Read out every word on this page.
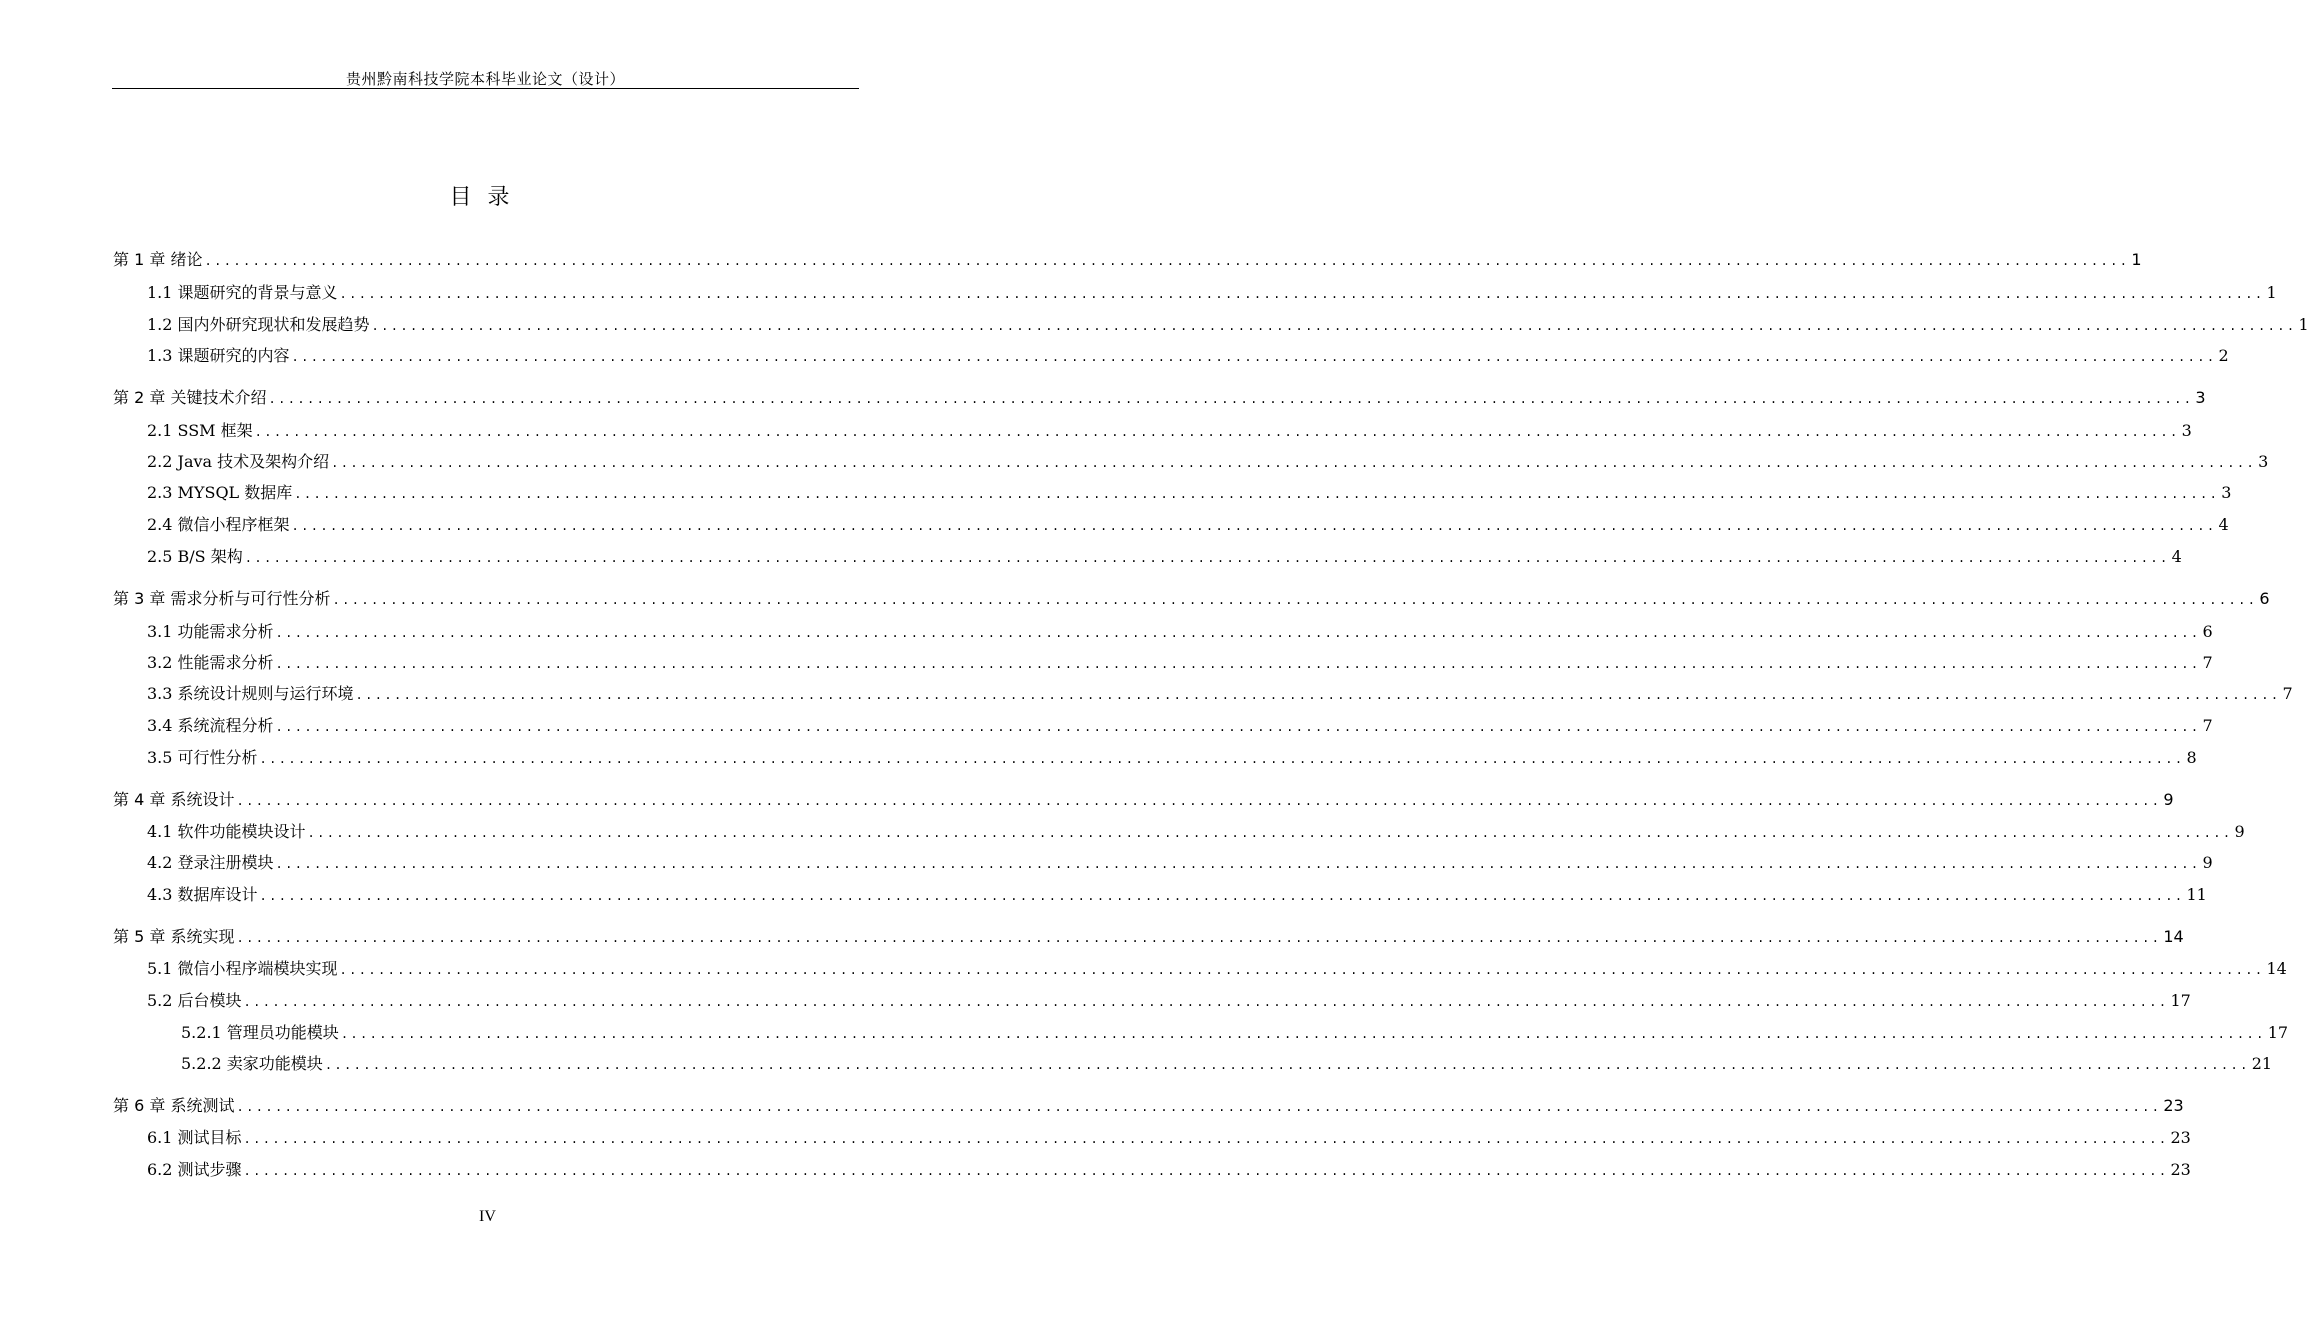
贵州黔南科技学院本科毕业论文（设计）
目录
第 1 章 绪论 ........................................................................................................................................................................................................ 1
1.1 课题研究的背景与意义 ........................................................................................................................................................................................................ 1
1.2 国内外研究现状和发展趋势 ........................................................................................................................................................................................................ 1
1.3 课题研究的内容 ........................................................................................................................................................................................................ 2
第 2 章 关键技术介绍 ........................................................................................................................................................................................................ 3
2.1 SSM 框架 ........................................................................................................................................................................................................ 3
2.2 Java 技术及架构介绍 ........................................................................................................................................................................................................ 3
2.3 MYSQL 数据库 ........................................................................................................................................................................................................ 3
2.4 微信小程序框架 ........................................................................................................................................................................................................ 4
2.5 B/S 架构 ........................................................................................................................................................................................................ 4
第 3 章 需求分析与可行性分析 ........................................................................................................................................................................................................ 6
3.1 功能需求分析 ........................................................................................................................................................................................................ 6
3.2 性能需求分析 ........................................................................................................................................................................................................ 7
3.3 系统设计规则与运行环境 ........................................................................................................................................................................................................ 7
3.4 系统流程分析 ........................................................................................................................................................................................................ 7
3.5 可行性分析 ........................................................................................................................................................................................................ 8
第 4 章 系统设计 ........................................................................................................................................................................................................ 9
4.1 软件功能模块设计 ........................................................................................................................................................................................................ 9
4.2 登录注册模块 ........................................................................................................................................................................................................ 9
4.3 数据库设计 ........................................................................................................................................................................................................ 11
第 5 章 系统实现 ........................................................................................................................................................................................................ 14
5.1 微信小程序端模块实现 ........................................................................................................................................................................................................ 14
5.2 后台模块 ........................................................................................................................................................................................................ 17
5.2.1 管理员功能模块 ........................................................................................................................................................................................................ 17
5.2.2 卖家功能模块 ........................................................................................................................................................................................................ 21
第 6 章 系统测试 ........................................................................................................................................................................................................ 23
6.1 测试目标 ........................................................................................................................................................................................................ 23
6.2 测试步骤 ........................................................................................................................................................................................................ 23
IV
